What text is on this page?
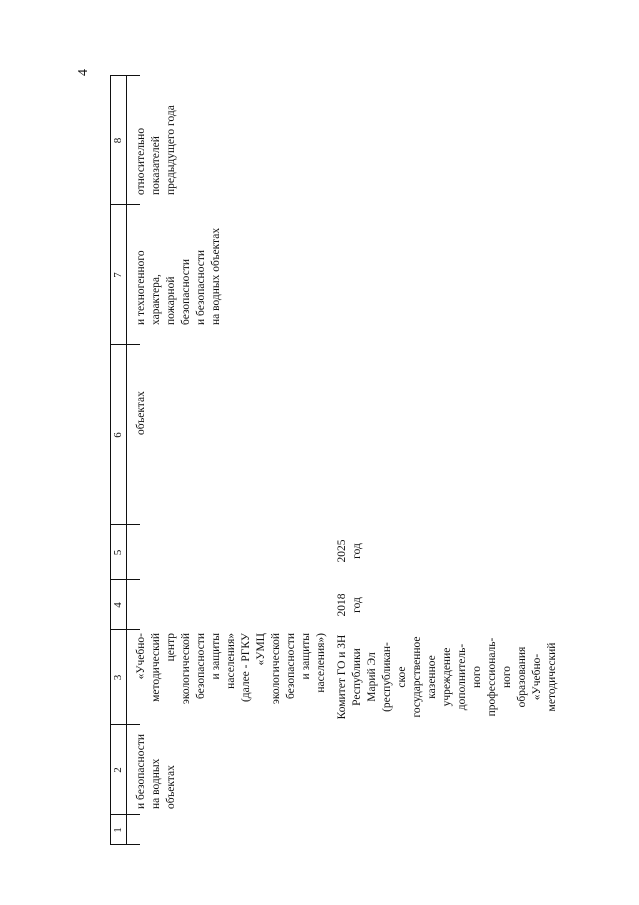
4
1
2
3
4
5
6
7
8
и безопасности
на водных
объектах
«Учебно-
методический
центр
экологической
безопасности
и защиты
населения»
(далее - РГКУ
«УМЦ
экологической
безопасности
и защиты
населения»)
объектах
и техногенного
характера,
пожарной
безопасности
и безопасности
на водных объектах
относительно
показателей
предыдущего года
Комитет ГО и ЗН
Республики
Марий Эл
(республикан-
ское
государственное
казенное
учреждение
дополнитель-
ного
профессиональ-
ного
образования
«Учебно-
методический
2018
год
2025
год
